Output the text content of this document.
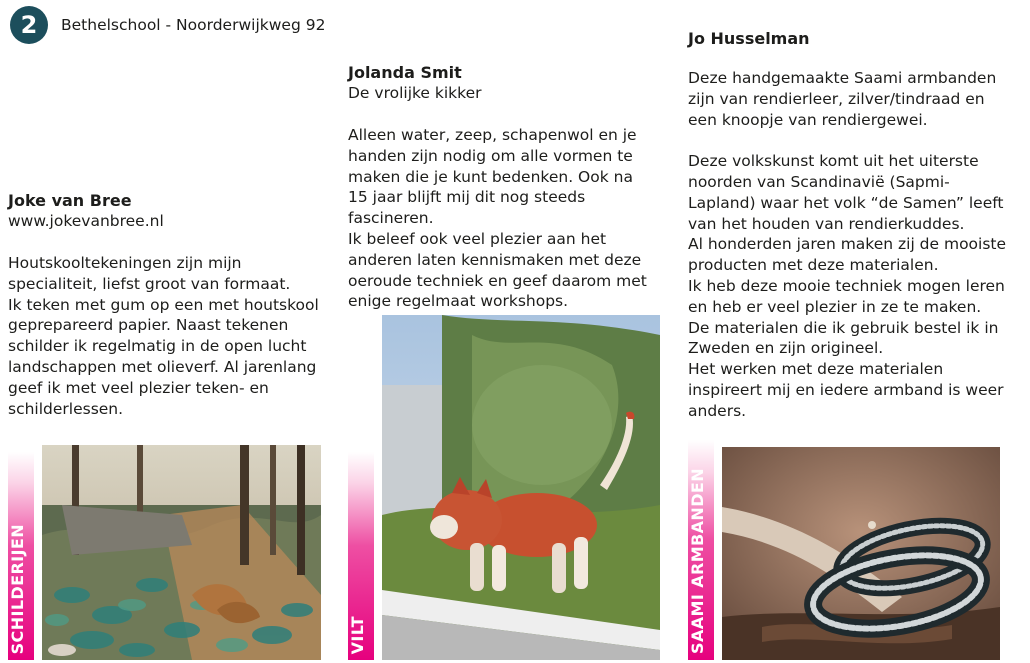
2 Bethelschool - Noorderwijkweg 92
Joke van Bree
www.jokevanbree.nl
Houtskooltekeningen zijn mijn
specialiteit, liefst groot van formaat.
Ik teken met gum op een met houtskool
geprepareerd papier. Naast tekenen
schilder ik regelmatig in de open lucht
landschappen met olieverf. Al jarenlang
geef ik met veel plezier teken- en
schilderlessen.
SCHILDERIJEN
Jolanda Smit
De vrolijke kikker
Alleen water, zeep, schapenwol en je
handen zijn nodig om alle vormen te
maken die je kunt bedenken. Ook na
15 jaar blijft mij dit nog steeds fascineren.
Ik beleef ook veel plezier aan het
anderen laten kennismaken met deze
oeroude techniek en geef daarom met
enige regelmaat workshops.
VILT
Jo Husselman
Deze handgemaakte Saami armbanden
zijn van rendierleer, zilver/tindraad en
een knoopje van rendiergewei.

Deze volkskunst komt uit het uiterste
noorden van Scandinavië (Sapmi-
Lapland) waar het volk “de Samen” leeft
van het houden van rendierkuddes.
Al honderden jaren maken zij de mooiste
producten met deze materialen.
Ik heb deze mooie techniek mogen leren
en heb er veel plezier in ze te maken.
De materialen die ik gebruik bestel ik in
Zweden en zijn origineel.
Het werken met deze materialen
inspireert mij en iedere armband is weer
anders.
SAAMI ARMBANDEN
